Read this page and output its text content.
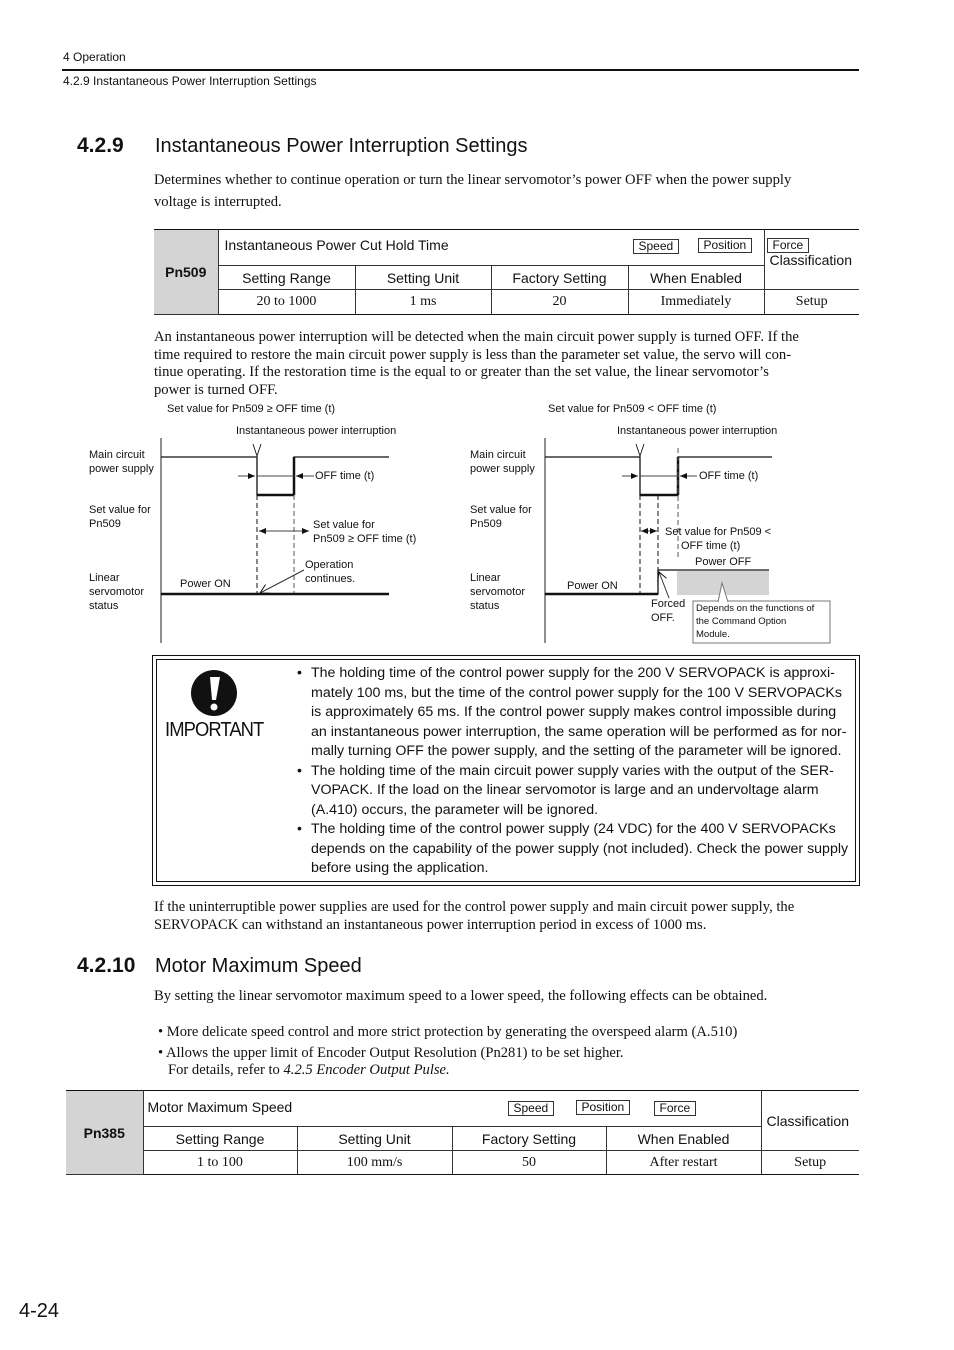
4 Operation
4.2.9 Instantaneous Power Interruption Settings
4.2.9 Instantaneous Power Interruption Settings
Determines whether to continue operation or turn the linear servomotor’s power OFF when the power supply
voltage is interrupted.
Pn509	Instantaneous Power Cut Hold Time Speed Position Force				Classification
	Setting Range	Setting Unit	Factory Setting	When Enabled	
	20 to 1000	1 ms	20	Immediately	Setup
An instantaneous power interruption will be detected when the main circuit power supply is turned OFF. If the
time required to restore the main circuit power supply is less than the parameter set value, the servo will con-
tinue operating. If the restoration time is the equal to or greater than the set value, the linear servomotor’s
power is turned OFF.
Set value for Pn509 ≥ OFF time (t)
Instantaneous power interruption
Main circuit
power supply
Set value for
Pn509
Linear
servomotor
status
OFF time (t)
Set value for
Pn509 ≥ OFF time (t)
Operation
continues.
Power ON
Set value for Pn509 < OFF time (t)
Instantaneous power interruption
Main circuit
power supply
Set value for
Pn509
Linear
servomotor
status
OFF time (t)
Set value for Pn509 <
OFF time (t)
Power OFF
Power ON
Forced
OFF.
Depends on the functions of
the Command Option
Module.
IMPORTANT
• The holding time of the control power supply for the 200 V SERVOPACK is approxi-
mately 100 ms, but the time of the control power supply for the 100 V SERVOPACKs
is approximately 65 ms. If the control power supply makes control impossible during
an instantaneous power interruption, the same operation will be performed as for nor-
mally turning OFF the power supply, and the setting of the parameter will be ignored.
• The holding time of the main circuit power supply varies with the output of the SER-
VOPACK. If the load on the linear servomotor is large and an undervoltage alarm
(A.410) occurs, the parameter will be ignored.
• The holding time of the control power supply (24 VDC) for the 400 V SERVOPACKs
depends on the capability of the power supply (not included). Check the power supply
before using the application.
If the uninterruptible power supplies are used for the control power supply and main circuit power supply, the
SERVOPACK can withstand an instantaneous power interruption period in excess of 1000 ms.
4.2.10 Motor Maximum Speed
By setting the linear servomotor maximum speed to a lower speed, the following effects can be obtained.
• More delicate speed control and more strict protection by generating the overspeed alarm (A.510)
• Allows the upper limit of Encoder Output Resolution (Pn281) to be set higher.
For details, refer to 4.2.5 Encoder Output Pulse.
Pn385	Motor Maximum Speed Speed Position Force				Classification
	Setting Range	Setting Unit	Factory Setting	When Enabled	
	1 to 100	100 mm/s	50	After restart	Setup
4-24
